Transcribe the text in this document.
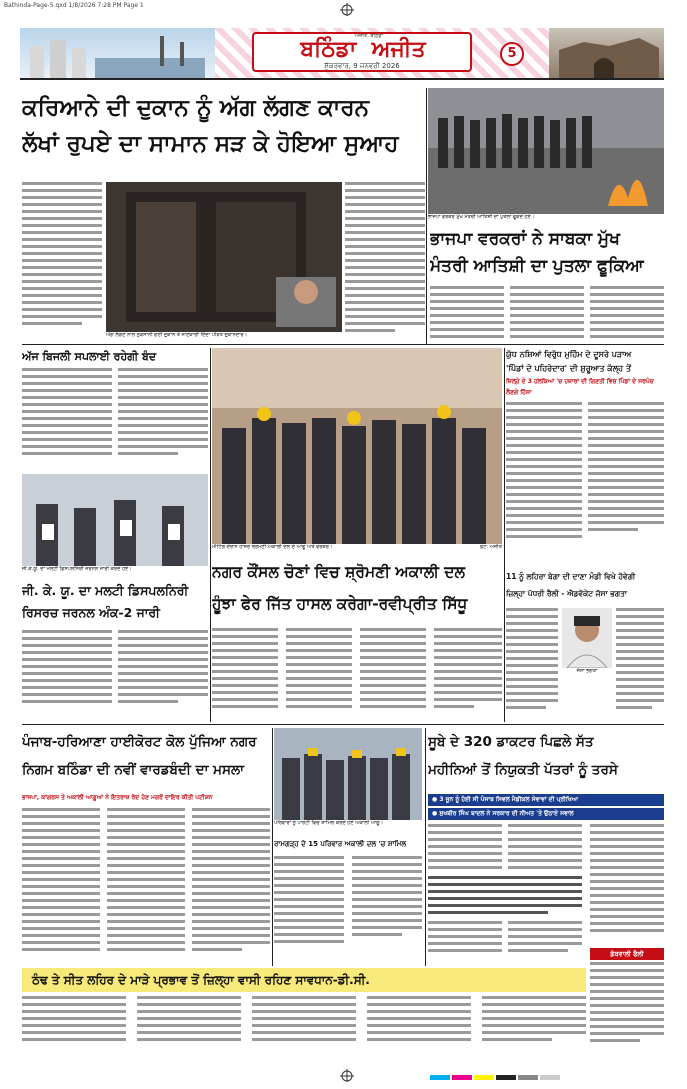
Bathinda-Page-5.qxd 1/8/2026 7:28 PM Page 1
ਅਜੀਤ, ਬਠਿੰਡਾ
ਬਠਿੰਡਾ ਅਜੀਤ
ਸ਼ੁੱਕਰਵਾਰ, 9 ਜਨਵਰੀ 2026
5
ਕਰਿਆਨੇ ਦੀ ਦੁਕਾਨ ਨੂੰ ਅੱਗ ਲੱਗਣ ਕਾਰਨ
ਲੱਖਾਂ ਰੁਪਏ ਦਾ ਸਾਮਾਨ ਸੜ ਕੇ ਹੋਇਆ ਸੁਆਹ
ਅੱਗ ਲੱਗਣ ਨਾਲ ਨੁਕਸਾਨੀ ਗਈ ਦੁਕਾਨ ਤੇ ਜਾਣਕਾਰੀ ਦਿੰਦਾ ਪੀੜਤ ਦੁਕਾਨਦਾਰ।
ਭਾਜਪਾ ਵਰਕਰ ਮੁੱਖ ਮੰਤਰੀ ਆਤਿਸ਼ੀ ਦਾ ਪੁਤਲਾ ਫੂਕਦੇ ਹੋਏ।
ਭਾਜਪਾ ਵਰਕਰਾਂ ਨੇ ਸਾਬਕਾ ਮੁੱਖ
ਮੰਤਰੀ ਆਤਿਸ਼ੀ ਦਾ ਪੁਤਲਾ ਫੂਕਿਆ
ਅੱਜ ਬਿਜਲੀ ਸਪਲਾਈ ਰਹੇਗੀ ਬੰਦ
ਮੀਟਿੰਗ ਦੌਰਾਨ ਹਾਜ਼ਰ ਸ਼੍ਰੋਮਣੀ ਅਕਾਲੀ ਦਲ ਦੇ ਆਗੂ ਅਤੇ ਵਰਕਰ।	ਫੋਟੋ: ਅਜੀਤ
ਜੀ.ਕੇ.ਯੂ. ਦਾ ਮਲਟੀ ਡਿਸਪਲਨਿਰੀ ਜਰਨਲ ਜਾਰੀ ਕਰਦੇ ਹੋਏ।
ਜੀ. ਕੇ. ਯੂ. ਦਾ ਮਲਟੀ ਡਿਸਪਲਨਿਰੀ
ਰਿਸਰਚ ਜਰਨਲ ਅੰਕ-2 ਜਾਰੀ
ਨਗਰ ਕੌਂਸਲ ਚੋਣਾਂ ਵਿਚ ਸ਼੍ਰੋਮਣੀ ਅਕਾਲੀ ਦਲ
ਹੂੰਝਾ ਫੇਰ ਜਿੱਤ ਹਾਸਲ ਕਰੇਗਾ-ਰਵੀਪ੍ਰੀਤ ਸਿੱਧੂ
ਯੁੱਧ ਨਸ਼ਿਆਂ ਵਿਰੁੱਧ ਮੁਹਿੰਮ ਦੇ ਦੂਸਰੇ ਪੜਾਅ
'ਪਿੰਡਾਂ ਦੇ ਪਹਿਰੇਦਾਰ' ਦੀ ਸ਼ੁਰੂਆਤ ਕੱਲ੍ਹ ਤੋਂ
ਜ਼ਿਲ੍ਹੇ ਦੇ 3 ਹਲਕਿਆਂ 'ਚ ਹਜ਼ਾਰਾਂ ਦੀ ਗਿਣਤੀ ਵਿਚ ਪਿੰਡਾਂ ਦੇ ਸਰਪੰਚ ਲੈਣਗੇ ਹਿੱਸਾ
11 ਨੂੰ ਲਹਿਰਾ ਬੇਗਾ ਦੀ ਦਾਣਾ ਮੰਡੀ ਵਿਖੇ ਹੋਵੇਗੀ
ਜ਼ਿਲ੍ਹਾ ਪੱਧਰੀ ਰੈਲੀ - ਐਡਵੋਕੇਟ ਜੱਸਾ ਭਗਤਾ
ਜੱਸਾ ਭਗਤਾ
ਪੰਜਾਬ-ਹਰਿਆਣਾ ਹਾਈਕੋਰਟ ਕੋਲ ਪੁੱਜਿਆ ਨਗਰ
ਨਿਗਮ ਬਠਿੰਡਾ ਦੀ ਨਵੀਂ ਵਾਰਡਬੰਦੀ ਦਾ ਮਸਲਾ
ਭਾਜਪਾ, ਕਾਂਗਰਸ ਤੇ ਅਕਾਲੀ ਆਗੂਆਂ ਨੇ ਇਤਰਾਜ਼ ਰੱਦ ਹੋਣ ਮਗਰੋਂ ਦਾਇਰ ਕੀਤੀ ਪਟੀਸ਼ਨ
ਪਰਿਵਾਰਾਂ ਨੂੰ ਪਾਰਟੀ ਵਿਚ ਸ਼ਾਮਿਲ ਕਰਦੇ ਹੋਏ ਅਕਾਲੀ ਆਗੂ।
ਰਾਮਗੜ੍ਹ ਦੇ 15 ਪਰਿਵਾਰ ਅਕਾਲੀ ਦਲ 'ਚ ਸ਼ਾਮਿਲ
ਸੂਬੇ ਦੇ 320 ਡਾਕਟਰ ਪਿਛਲੇ ਸੱਤ
ਮਹੀਨਿਆਂ ਤੋਂ ਨਿਯੁਕਤੀ ਪੱਤਰਾਂ ਨੂੰ ਤਰਸੇ
● 3 ਜੂਨ ਨੂੰ ਹੋਈ ਸੀ ਪੰਜਾਬ ਸਿਵਲ ਮੈਡੀਕਲ ਸੇਵਾਵਾਂ ਦੀ ਪ੍ਰੀਖਿਆ
● ਸੁਖਬੀਰ ਸਿੰਘ ਬਾਦਲ ਨੇ ਸਰਕਾਰ ਦੀ ਨੀਅਤ 'ਤੇ ਉਠਾਏ ਸਵਾਲ
ਡੱਬਵਾਲੀ ਫੈਲੀ
ਠੰਢ ਤੇ ਸੀਤ ਲਹਿਰ ਦੇ ਮਾੜੇ ਪ੍ਰਭਾਵ ਤੋਂ ਜ਼ਿਲ੍ਹਾ ਵਾਸੀ ਰਹਿਣ ਸਾਵਧਾਨ-ਡੀ.ਸੀ.
